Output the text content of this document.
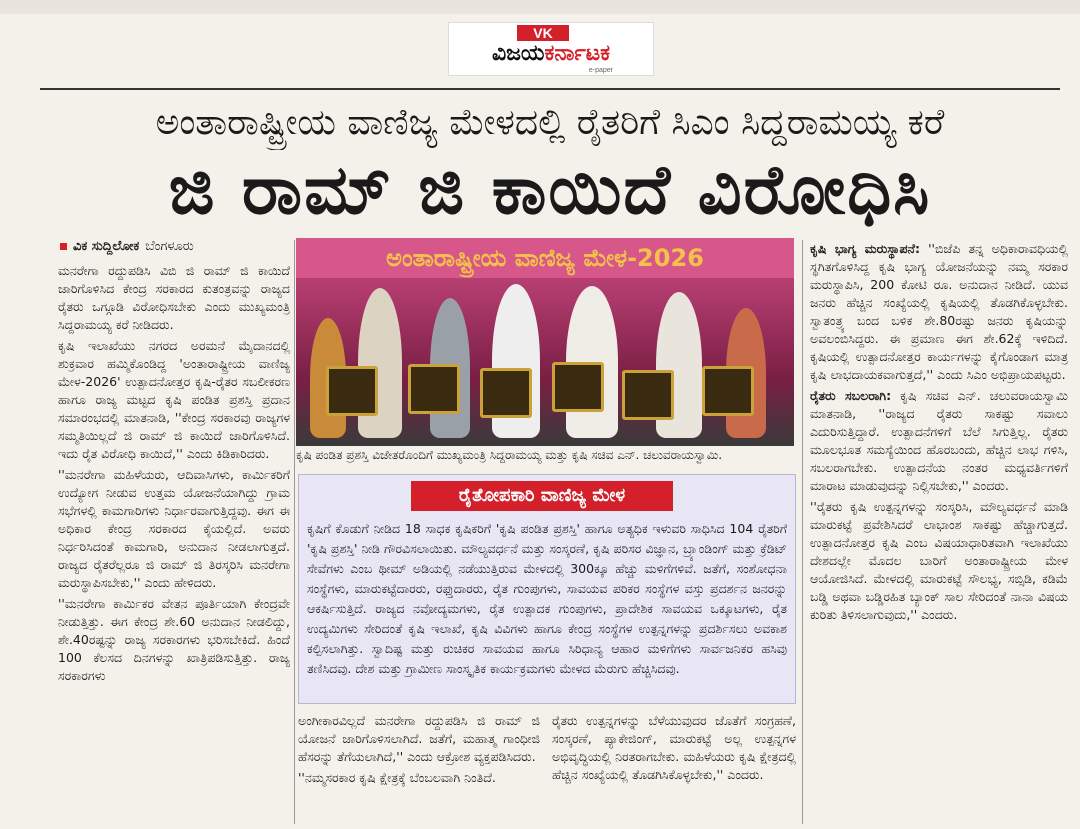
VK
ವಿಜಯಕರ್ನಾಟಕ
e-paper
ಅಂತಾರಾಷ್ಟ್ರೀಯ ವಾಣಿಜ್ಯ ಮೇಳದಲ್ಲಿ ರೈತರಿಗೆ ಸಿಎಂ ಸಿದ್ದರಾಮಯ್ಯ ಕರೆ
ಜಿ ರಾಮ್ ಜಿ ಕಾಯಿದೆ ವಿರೋಧಿಸಿ
ವಿಕ ಸುದ್ದಿಲೋಕ ಬೆಂಗಳೂರು

ಮನರೇಗಾ ರದ್ದುಪಡಿಸಿ ವಿಬಿ ಜಿ ರಾಮ್ ಜಿ ಕಾಯಿದೆ ಜಾರಿಗೊಳಿಸಿದ ಕೇಂದ್ರ ಸರಕಾರದ ಕುತಂತ್ರವನ್ನು ರಾಜ್ಯದ ರೈತರು ಒಗ್ಗೂಡಿ ವಿರೋಧಿಸಬೇಕು ಎಂದು ಮುಖ್ಯಮಂತ್ರಿ ಸಿದ್ದರಾಮಯ್ಯ ಕರೆ ನೀಡಿದರು.

ಕೃಷಿ ಇಲಾಖೆಯು ನಗರದ ಅರಮನೆ ಮೈದಾನದಲ್ಲಿ ಶುಕ್ರವಾರ ಹಮ್ಮಿಕೊಂಡಿದ್ದ 'ಅಂತಾರಾಷ್ಟ್ರೀಯ ವಾಣಿಜ್ಯ ಮೇಳ-2026' ಉತ್ಪಾದನೋತ್ತರ ಕೃಷಿ-ರೈತರ ಸಬಲೀಕರಣ ಹಾಗೂ ರಾಜ್ಯ ಮಟ್ಟದ ಕೃಷಿ ಪಂಡಿತ ಪ್ರಶಸ್ತಿ ಪ್ರದಾನ ಸಮಾರಂಭದಲ್ಲಿ ಮಾತನಾಡಿ, ''ಕೇಂದ್ರ ಸರಕಾರವು ರಾಜ್ಯಗಳ ಸಮ್ಮತಿಯಿಲ್ಲದೆ ಜಿ ರಾಮ್ ಜಿ ಕಾಯಿದೆ ಜಾರಿಗೊಳಿಸಿದೆ. ಇದು ರೈತ ವಿರೋಧಿ ಕಾಯಿದೆ,'' ಎಂದು ಕಿಡಿಕಾರಿದರು.

''ಮನರೇಗಾ ಮಹಿಳೆಯರು, ಆದಿವಾಸಿಗಳು, ಕಾರ್ಮಿಕರಿಗೆ ಉದ್ಯೋಗ ನೀಡುವ ಉತ್ತಮ ಯೋಜನೆಯಾಗಿದ್ದು ಗ್ರಾಮ ಸಭೆಗಳಲ್ಲಿ ಕಾಮಗಾರಿಗಳು ನಿರ್ಧಾರವಾಗುತ್ತಿದ್ದವು. ಈಗ ಈ ಅಧಿಕಾರ ಕೇಂದ್ರ ಸರಕಾರದ ಕೈಯಲ್ಲಿದೆ. ಅವರು ನಿರ್ಧರಿಸಿದಂತೆ ಕಾಮಗಾರಿ, ಅನುದಾನ ನೀಡಲಾಗುತ್ತದೆ. ರಾಜ್ಯದ ರೈತರೆಲ್ಲರೂ ಜಿ ರಾಮ್ ಜಿ ತಿರಸ್ಕರಿಸಿ ಮನರೇಗಾ ಮರುಸ್ಥಾಪಿಸಬೇಕು,'' ಎಂದು ಹೇಳಿದರು.

''ಮನರೇಗಾ ಕಾರ್ಮಿಕರ ವೇತನ ಪೂರ್ತಿಯಾಗಿ ಕೇಂದ್ರವೇ ನೀಡುತ್ತಿತ್ತು. ಈಗ ಕೇಂದ್ರ ಶೇ.60 ಅನುದಾನ ನೀಡಲಿದ್ದು, ಶೇ.40ರಷ್ಟನ್ನು ರಾಜ್ಯ ಸರಕಾರಗಳು ಭರಿಸಬೇಕಿದೆ. ಹಿಂದೆ 100 ಕೆಲಸದ ದಿನಗಳನ್ನು ಖಾತ್ರಿಪಡಿಸುತ್ತಿತ್ತು. ರಾಜ್ಯ ಸರಕಾರಗಳು

ಅಂತಾರಾಷ್ಟ್ರೀಯ ವಾಣಿಜ್ಯ ಮೇಳ-2026
ಕೃಷಿ ಪಂಡಿತ ಪ್ರಶಸ್ತಿ ವಿಜೇತರೊಂದಿಗೆ ಮುಖ್ಯಮಂತ್ರಿ ಸಿದ್ದರಾಮಯ್ಯ ಮತ್ತು ಕೃಷಿ ಸಚಿವ ಎನ್. ಚಲುವರಾಯಸ್ವಾಮಿ.
ರೈತೋಪಕಾರಿ ವಾಣಿಜ್ಯ ಮೇಳ
ಕೃಷಿಗೆ ಕೊಡುಗೆ ನೀಡಿದ 18 ಸಾಧಕ ಕೃಷಿಕರಿಗೆ 'ಕೃಷಿ ಪಂಡಿತ ಪ್ರಶಸ್ತಿ' ಹಾಗೂ ಅತ್ಯಧಿಕ ಇಳುವರಿ ಸಾಧಿಸಿದ 104 ರೈತರಿಗೆ 'ಕೃಷಿ ಪ್ರಶಸ್ತಿ' ನೀಡಿ ಗೌರವಿಸಲಾಯಿತು. ಮೌಲ್ಯವರ್ಧನೆ ಮತ್ತು ಸಂಸ್ಕರಣೆ, ಕೃಷಿ ಪರಿಸರ ವಿಜ್ಞಾನ, ಬ್ರ್ಯಾಂಡಿಂಗ್ ಮತ್ತು ಕ್ರೆಡಿಟ್ ಸೇವೆಗಳು ಎಂಬ ಥೀಮ್ ಅಡಿಯಲ್ಲಿ ನಡೆಯುತ್ತಿರುವ ಮೇಳದಲ್ಲಿ 300ಕ್ಕೂ ಹೆಚ್ಚು ಮಳಿಗೆಗಳಿವೆ. ಜತೆಗೆ, ಸಂಶೋಧನಾ ಸಂಸ್ಥೆಗಳು, ಮಾರುಕಟ್ಟೆದಾರರು, ರಫ್ತುದಾರರು, ರೈತ ಗುಂಪುಗಳು, ಸಾವಯವ ಪರಿಕರ ಸಂಸ್ಥೆಗಳ ವಸ್ತು ಪ್ರದರ್ಶನ ಜನರನ್ನು ಆಕರ್ಷಿಸುತ್ತಿದೆ. ರಾಜ್ಯದ ನವೋದ್ಯಮಗಳು, ರೈತ ಉತ್ಪಾದಕ ಗುಂಪುಗಳು, ಪ್ರಾದೇಶಿಕ ಸಾವಯವ ಒಕ್ಕೂಟಗಳು, ರೈತ ಉದ್ಯಮಿಗಳು ಸೇರಿದಂತೆ ಕೃಷಿ ಇಲಾಖೆ, ಕೃಷಿ ವಿವಿಗಳು ಹಾಗೂ ಕೇಂದ್ರ ಸಂಸ್ಥೆಗಳ ಉತ್ಪನ್ನಗಳನ್ನು ಪ್ರದರ್ಶಿಸಲು ಅವಕಾಶ ಕಲ್ಪಿಸಲಾಗಿತ್ತು. ಸ್ವಾದಿಷ್ಟ ಮತ್ತು ರುಚಿಕರ ಸಾವಯವ ಹಾಗೂ ಸಿರಿಧಾನ್ಯ ಆಹಾರ ಮಳಿಗೆಗಳು ಸಾರ್ವಜನಿಕರ ಹಸಿವು ತಣಿಸಿದವು. ದೇಶ ಮತ್ತು ಗ್ರಾಮೀಣ ಸಾಂಸ್ಕೃತಿಕ ಕಾರ್ಯಕ್ರಮಗಳು ಮೇಳದ ಮೆರುಗು ಹೆಚ್ಚಿಸಿದವು.

ಅಂಗೀಕಾರವಿಲ್ಲದೆ ಮನರೇಗಾ ರದ್ದುಪಡಿಸಿ ಜಿ ರಾಮ್ ಜಿ ಯೋಜನೆ ಜಾರಿಗೊಳಿಸಲಾಗಿದೆ. ಜತೆಗೆ, ಮಹಾತ್ಮ ಗಾಂಧೀಜಿ ಹೆಸರನ್ನು ತೆಗೆಯಲಾಗಿದೆ,'' ಎಂದು ಆಕ್ರೋಶ ವ್ಯಕ್ತಪಡಿಸಿದರು.

''ನಮ್ಮಸರಕಾರ ಕೃಷಿ ಕ್ಷೇತ್ರಕ್ಕೆ ಬೆಂಬಲವಾಗಿ ನಿಂತಿದೆ.

ರೈತರು ಉತ್ಪನ್ನಗಳನ್ನು ಬೆಳೆಯುವುದರ ಜೊತೆಗೆ ಸಂಗ್ರಹಣೆ, ಸಂಸ್ಕರಣೆ, ಪ್ಯಾಕೇಜಿಂಗ್, ಮಾರುಕಟ್ಟೆ ಅಲ್ಲ ಉತ್ಪನ್ನಗಳ ಅಭಿವೃದ್ಧಿಯಲ್ಲಿ ನಿರತರಾಗಬೇಕು. ಮಹಿಳೆಯರು ಕೃಷಿ ಕ್ಷೇತ್ರದಲ್ಲಿ ಹೆಚ್ಚಿನ ಸಂಖ್ಯೆಯಲ್ಲಿ ತೊಡಗಿಸಿಕೊಳ್ಳಬೇಕು,'' ಎಂದರು.

ಕೃಷಿ ಭಾಗ್ಯ ಮರುಸ್ಥಾಪನೆ: ''ಬಿಜೆಪಿ ತನ್ನ ಅಧಿಕಾರಾವಧಿಯಲ್ಲಿ ಸ್ಥಗಿತಗೊಳಿಸಿದ್ದ ಕೃಷಿ ಭಾಗ್ಯ ಯೋಜನೆಯನ್ನು ನಮ್ಮ ಸರಕಾರ ಮರುಸ್ಥಾಪಿಸಿ, 200 ಕೋಟಿ ರೂ. ಅನುದಾನ ನೀಡಿದೆ. ಯುವ ಜನರು ಹೆಚ್ಚಿನ ಸಂಖ್ಯೆಯಲ್ಲಿ ಕೃಷಿಯಲ್ಲಿ ತೊಡಗಿಕೊಳ್ಳಬೇಕು. ಸ್ವಾತಂತ್ರ್ಯ ಬಂದ ಬಳಿಕ ಶೇ.80ರಷ್ಟು ಜನರು ಕೃಷಿಯನ್ನು ಅವಲಂಬಿಸಿದ್ದರು. ಈ ಪ್ರಮಾಣ ಈಗ ಶೇ.62ಕ್ಕೆ ಇಳಿದಿದೆ. ಕೃಷಿಯಲ್ಲಿ ಉತ್ಪಾದನೋತ್ತರ ಕಾರ್ಯಗಳನ್ನು ಕೈಗೊಂಡಾಗ ಮಾತ್ರ ಕೃಷಿ ಲಾಭದಾಯಕವಾಗುತ್ತದೆ,'' ಎಂದು ಸಿಎಂ ಅಭಿಪ್ರಾಯಪಟ್ಟರು.

ರೈತರು ಸಬಲರಾಗಿ: ಕೃಷಿ ಸಚಿವ ಎನ್. ಚಲುವರಾಯಸ್ವಾಮಿ ಮಾತನಾಡಿ, ''ರಾಜ್ಯದ ರೈತರು ಸಾಕಷ್ಟು ಸವಾಲು ಎದುರಿಸುತ್ತಿದ್ದಾರೆ. ಉತ್ಪಾದನೆಗಳಿಗೆ ಬೆಲೆ ಸಿಗುತ್ತಿಲ್ಲ. ರೈತರು ಮೂಲಭೂತ ಸಮಸ್ಯೆಯಿಂದ ಹೊರಬಂದು, ಹೆಚ್ಚಿನ ಲಾಭ ಗಳಿಸಿ, ಸಬಲರಾಗಬೇಕು. ಉತ್ಪಾದನೆಯ ನಂತರ ಮಧ್ಯವರ್ತಿಗಳಿಗೆ ಮಾರಾಟ ಮಾಡುವುದನ್ನು ನಿಲ್ಲಿಸಬೇಕು,'' ಎಂದರು.

''ರೈತರು ಕೃಷಿ ಉತ್ಪನ್ನಗಳನ್ನು ಸಂಸ್ಕರಿಸಿ, ಮೌಲ್ಯವರ್ಧನೆ ಮಾಡಿ ಮಾರುಕಟ್ಟೆ ಪ್ರವೇಶಿಸಿದರೆ ಲಾಭಾಂಶ ಸಾಕಷ್ಟು ಹೆಚ್ಚಾಗುತ್ತದೆ. ಉತ್ಪಾದನೋತ್ತರ ಕೃಷಿ ಎಂಬ ವಿಷಯಾಧಾರಿತವಾಗಿ ಇಲಾಖೆಯು ದೇಶದಲ್ಲೇ ಮೊದಲ ಬಾರಿಗೆ ಅಂತಾರಾಷ್ಟ್ರೀಯ ಮೇಳ ಆಯೋಜಿಸಿದೆ. ಮೇಳದಲ್ಲಿ ಮಾರುಕಟ್ಟೆ ಸೌಲಭ್ಯ, ಸಬ್ಸಿಡಿ, ಕಡಿಮೆ ಬಡ್ಡಿ ಅಥವಾ ಬಡ್ಡಿರಹಿತ ಬ್ಯಾಂಕ್ ಸಾಲ ಸೇರಿದಂತೆ ನಾನಾ ವಿಷಯ ಕುರಿತು ತಿಳಿಸಲಾಗುವುದು,'' ಎಂದರು.
